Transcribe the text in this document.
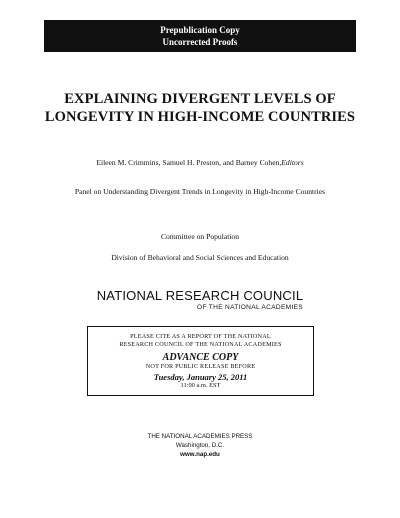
Prepublication Copy
Uncorrected Proofs
EXPLAINING DIVERGENT LEVELS OF
LONGEVITY IN HIGH-INCOME COUNTRIES
Eileen M. Crimmins, Samuel H. Preston, and Barney Cohen,Editors
Panel on Understanding Divergent Trends in Longevity in High-Income Countries
Committee on Population
Division of Behavioral and Social Sciences and Education
NATIONAL RESEARCH COUNCIL
OF THE NATIONAL ACADEMIES
PLEASE CITE AS A REPORT OF THE NATIONAL
RESEARCH COUNCIL OF THE NATIONAL ACADEMIES
ADVANCE COPY
NOT FOR PUBLIC RELEASE BEFORE
Tuesday, January 25, 2011
11:00 a.m. EST
THE NATIONAL ACADEMIES PRESS
Washington, D.C.
www.nap.edu
